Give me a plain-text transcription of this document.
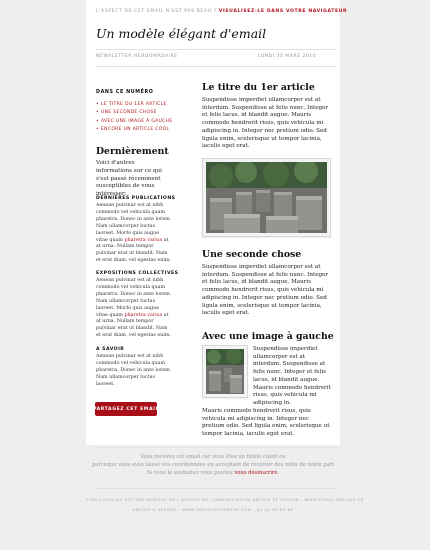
L'ASPECT DE CET EMAIL N'EST PAS BEAU ? VISUALISEZ-LE DANS VOTRE NAVIGATEUR
Un modèle élégant d'email
NEWSLETTER HEBDOMADAIRE	LUNDI 30 MARS 2010
DANS CE NUMÉRO
• LE TITRE DU 1ER ARTICLE
• UNE SECONDE CHOSE
• AVEC UNE IMAGE À GAUCHE
• ENCORE UN ARTICLE COOL
Dernièrement
Voici d'autres informations sur ce qui s'est passé récemment susceptibles de vous intéresser:
DERNIÈRES PUBLICATIONS
Aenean pulvinar est at nibh commodo vel vehicula quam pharetra. Donec in ante lorem. Nam ullamcorper luctus laoreet. Morbi quis augue vitae quam pharetra varius at at urna. Nullam tempor pulvinar erat ut blandit. Nam et erat diam, vel egestas enim.
EXPOSITIONS COLLECTIVES
Aenean pulvinar est at nibh commodo vel vehicula quam pharetra. Donec in ante lorem. Nam ullamcorper luctus laoreet. Morbi quis augue vitae quam pharetra varius at at urna. Nullam tempor pulvinar erat ut blandit. Nam et erat diam, vel egestas enim.
A SAVOIR
Aenean pulvinar est at nibh commodo vel vehicula quam pharetra. Donec in ante lorem. Nam ullamcorper luctus laoreet.
PARTAGEZ CET EMAIL
Le titre du 1er article

Suspendisse imperdiet ullamcorper est at interdum. Suspendisse at felis nunc. Integer et felis lacus, id blandit augue. Mauris commodo hendrerit risus, quis vehicula mi adipiscing in. Integer nec pretium odio. Sed ligula enim, scelerisque ut tempor lacinia, iaculis eget erat.

Une seconde chose

Suspendisse imperdiet ullamcorper est at interdum. Suspendisse at felis nunc. Integer et felis lacus, id blandit augue. Mauris commodo hendrerit risus, quis vehicula mi adipiscing in. Integer nec pretium odio. Sed ligula enim, scelerisque ut tempor lacinia, iaculis eget erat.

Avec une image à gauche
Suspendisse imperdiet ullamcorper est at interdum. Suspendisse at felis nunc. Integer et felis lacus, id blandit augue. Mauris commodo hendrerit risus, quis vehicula mi adipiscing in.
Mauris commodo hendrerit risus, quis vehicula mi adipiscing in. Integer nec pretium odio. Sed ligula enim, scelerisque ut tempor lacinia, iaculis eget erat.
Vous recevez cet email car vous êtes un fidèle client ou
parceque vous avez laissé vos coordonnées en acceptant de recevoir des infos de notre part
Si vous le souhaitez vous pouvez vous désinscrire.
FORCE-MAILING EST UNE MARQUE DE L'AGENCE DE COMMUNICATION AMISCH ET SAPHAR - WWW.FORCE-MAILING.FR
AMISCH & SAPHAR - WWW.AMISCHETSAPHAR.COM - 01 42 05 83 65
